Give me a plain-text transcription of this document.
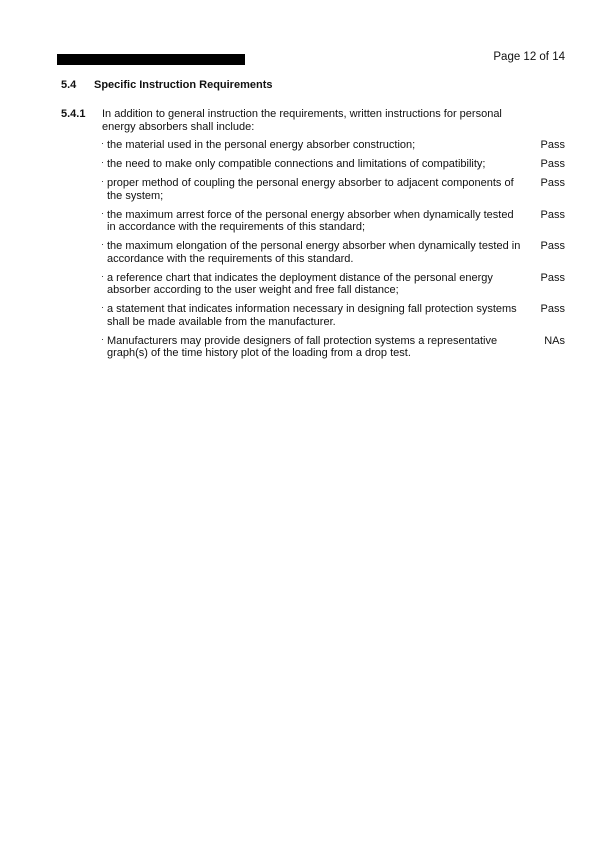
Page 12 of 14
5.4 Specific Instruction Requirements
5.4.1 In addition to general instruction the requirements, written instructions for personal energy absorbers shall include:
· the material used in the personal energy absorber construction;	Pass
· the need to make only compatible connections and limitations of compatibility;	Pass
· proper method of coupling the personal energy absorber to adjacent components of the system;
Pass
· the maximum arrest force of the personal energy absorber when dynamically tested in accordance with the requirements of this standard;
Pass
· the maximum elongation of the personal energy absorber when dynamically tested in accordance with the requirements of this standard.
Pass
· a reference chart that indicates the deployment distance of the personal energy absorber according to the user weight and free fall distance;
Pass
· a statement that indicates information necessary in designing fall protection systems shall be made available from the manufacturer.
Pass
· Manufacturers may provide designers of fall protection systems a representative graph(s) of the time history plot of the loading from a drop test.
NAs
